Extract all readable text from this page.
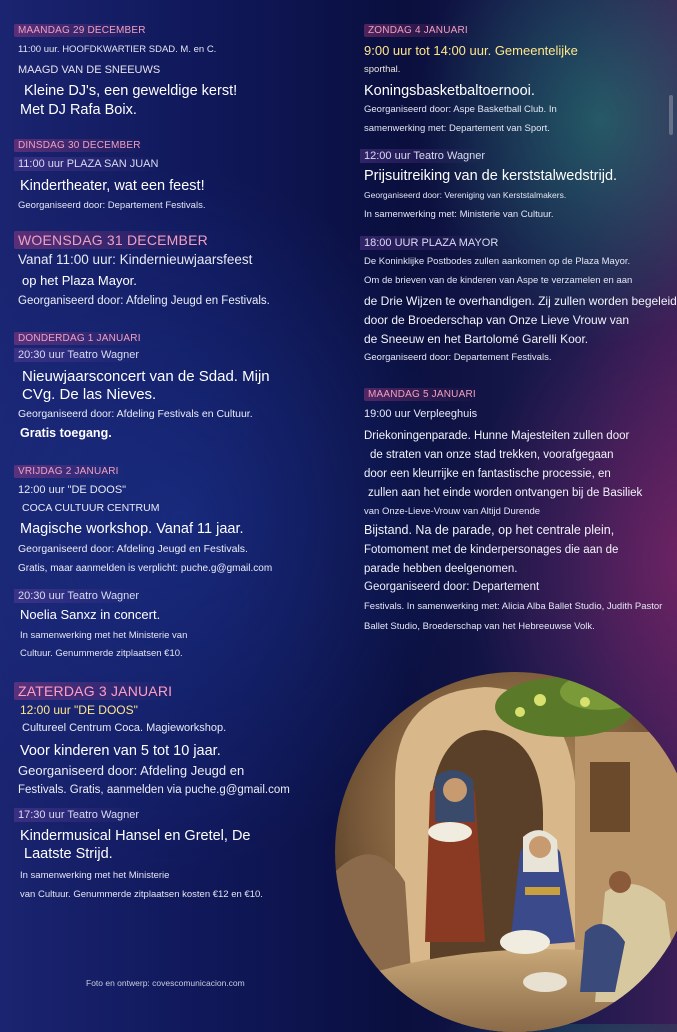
MAANDAG 29 DECEMBER
11:00 uur. HOOFDKWARTIER SDAD. M. en C.
MAAGD VAN DE SNEEUWS
Kleine DJ's, een geweldige kerst!
Met DJ Rafa Boix.
DINSDAG 30 DECEMBER
11:00 uur PLAZA SAN JUAN
Kindertheater, wat een feest!
Georganiseerd door: Departement Festivals.
WOENSDAG 31 DECEMBER
Vanaf 11:00 uur: Kindernieuwjaarsfeest
op het Plaza Mayor.
Georganiseerd door: Afdeling Jeugd en Festivals.
DONDERDAG 1 JANUARI
20:30 uur Teatro Wagner
Nieuwjaarsconcert van de Sdad. Mijn
CVg. De las Nieves.
Georganiseerd door: Afdeling Festivals en Cultuur.
Gratis toegang.
VRIJDAG 2 JANUARI
12:00 uur "DE DOOS"
COCA CULTUUR CENTRUM
Magische workshop. Vanaf 11 jaar.
Georganiseerd door: Afdeling Jeugd en Festivals.
Gratis, maar aanmelden is verplicht: puche.g@gmail.com
20:30 uur Teatro Wagner
Noelia Sanxz in concert.
In samenwerking met het Ministerie van
Cultuur. Genummerde zitplaatsen €10.
ZATERDAG 3 JANUARI
12:00 uur "DE DOOS"
Cultureel Centrum Coca. Magieworkshop.
Voor kinderen van 5 tot 10 jaar.
Georganiseerd door: Afdeling Jeugd en
Festivals. Gratis, aanmelden via puche.g@gmail.com
17:30 uur Teatro Wagner
Kindermusical Hansel en Gretel, De
Laatste Strijd.
In samenwerking met het Ministerie
van Cultuur. Genummerde zitplaatsen kosten €12 en €10.
Foto en ontwerp: covescomunicacion.com
ZONDAG 4 JANUARI
9:00 uur tot 14:00 uur. Gemeentelijke
sporthal.
Koningsbasketbaltoernooi.
Georganiseerd door: Aspe Basketball Club. In
samenwerking met: Departement van Sport.
12:00 uur Teatro Wagner
Prijsuitreiking van de kerststalwedstrijd.
Georganiseerd door: Vereniging van Kerststalmakers.
In samenwerking met: Ministerie van Cultuur.
18:00 UUR PLAZA MAYOR
De Koninklijke Postbodes zullen aankomen op de Plaza Mayor.
Om de brieven van de kinderen van Aspe te verzamelen en aan
de Drie Wijzen te overhandigen. Zij zullen worden begeleid
door de Broederschap van Onze Lieve Vrouw van
de Sneeuw en het Bartolomé Garelli Koor.
Georganiseerd door: Departement Festivals.
MAANDAG 5 JANUARI
19:00 uur Verpleeghuis
Driekoningenparade. Hunne Majesteiten zullen door
de straten van onze stad trekken, voorafgegaan
door een kleurrijke en fantastische processie, en
zullen aan het einde worden ontvangen bij de Basiliek
van Onze-Lieve-Vrouw van Altijd Durende
Bijstand. Na de parade, op het centrale plein,
Fotomoment met de kinderpersonages die aan de
parade hebben deelgenomen.
Georganiseerd door: Departement
Festivals. In samenwerking met: Alicia Alba Ballet Studio, Judith Pastor
Ballet Studio, Broederschap van het Hebreeuwse Volk.
